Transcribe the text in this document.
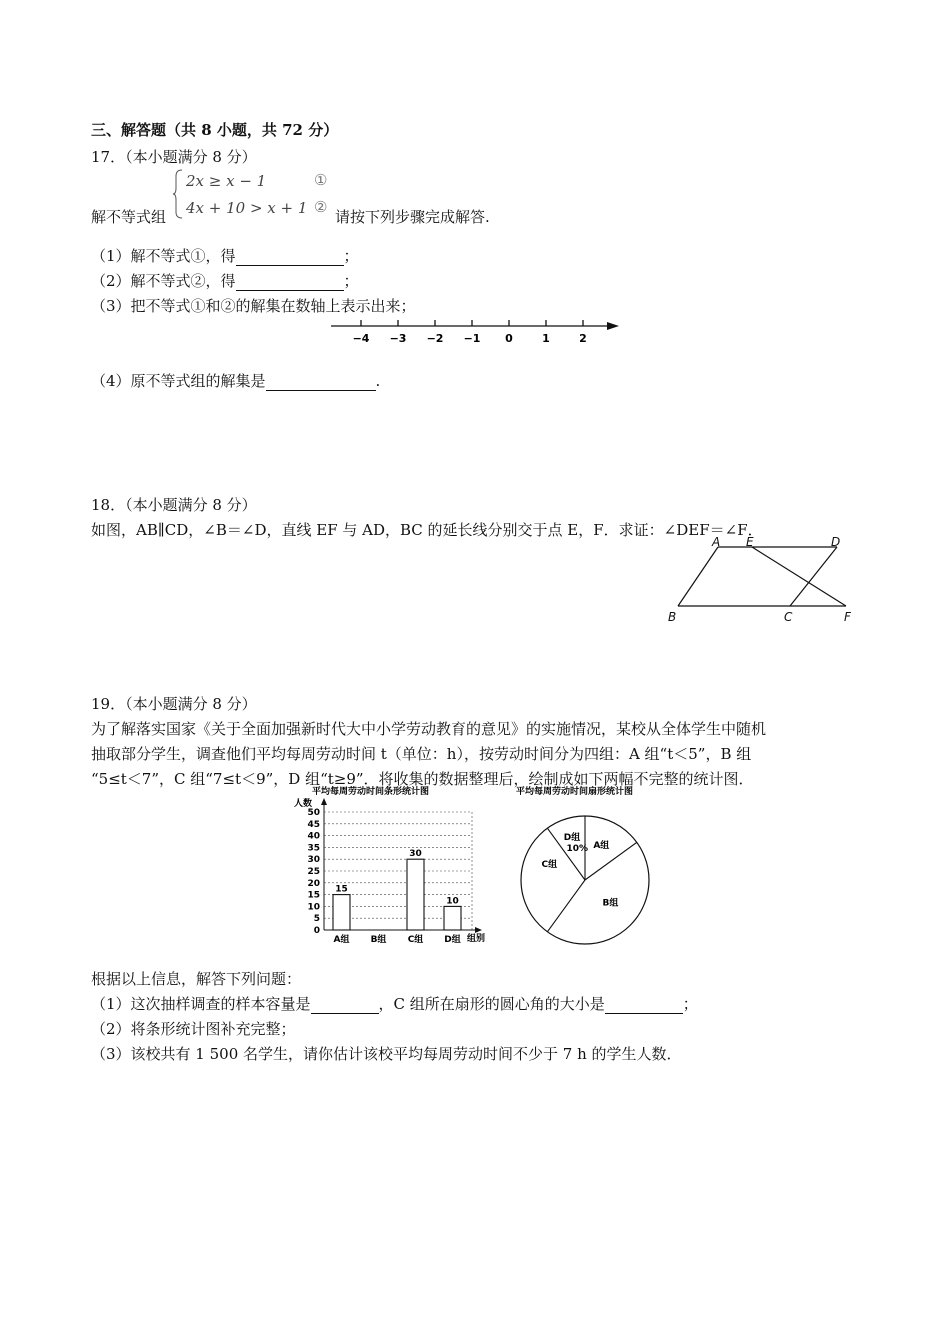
三、解答题（共 8 小题，共 72 分）
17．（本小题满分 8 分）
解不等式组
2x ≥ x − 1	①
4x + 10 > x + 1 ②
请按下列步骤完成解答.
（1）解不等式①，得	；
（2）解不等式②，得	；
（3）把不等式①和②的解集在数轴上表示出来；
−4 −3 −2 −1 0	1	2
（4）原不等式组的解集是	.
18．（本小题满分 8 分）
如图，AB∥CD，∠B＝∠D，直线 EF 与 AD，BC 的延长线分别交于点 E，F．求证：∠DEF＝∠F．
A E	D
B	C	F
19．（本小题满分 8 分）
为了解落实国家《关于全面加强新时代大中小学劳动教育的意见》的实施情况，某校从全体学生中随机
抽取部分学生，调查他们平均每周劳动时间 t（单位：h），按劳动时间分为四组：A 组“t＜5”，B 组
“5≤t＜7”，C 组“7≤t＜9”，D 组“t≥9”．将收集的数据整理后，绘制成如下两幅不完整的统计图．
平均每周劳动时间条形统计图
人数
0
5
10
15
20
25
30
35
40
45
50
15
30
10
A组 B组 C组 D组 组别
平均每周劳动时间扇形统计图
D组
10% A组
B组
C组
根据以上信息，解答下列问题：
（1）这次抽样调查的样本容量是	，C 组所在扇形的圆心角的大小是	；
（2）将条形统计图补充完整；
（3）该校共有 1 500 名学生，请你估计该校平均每周劳动时间不少于 7 h 的学生人数．
